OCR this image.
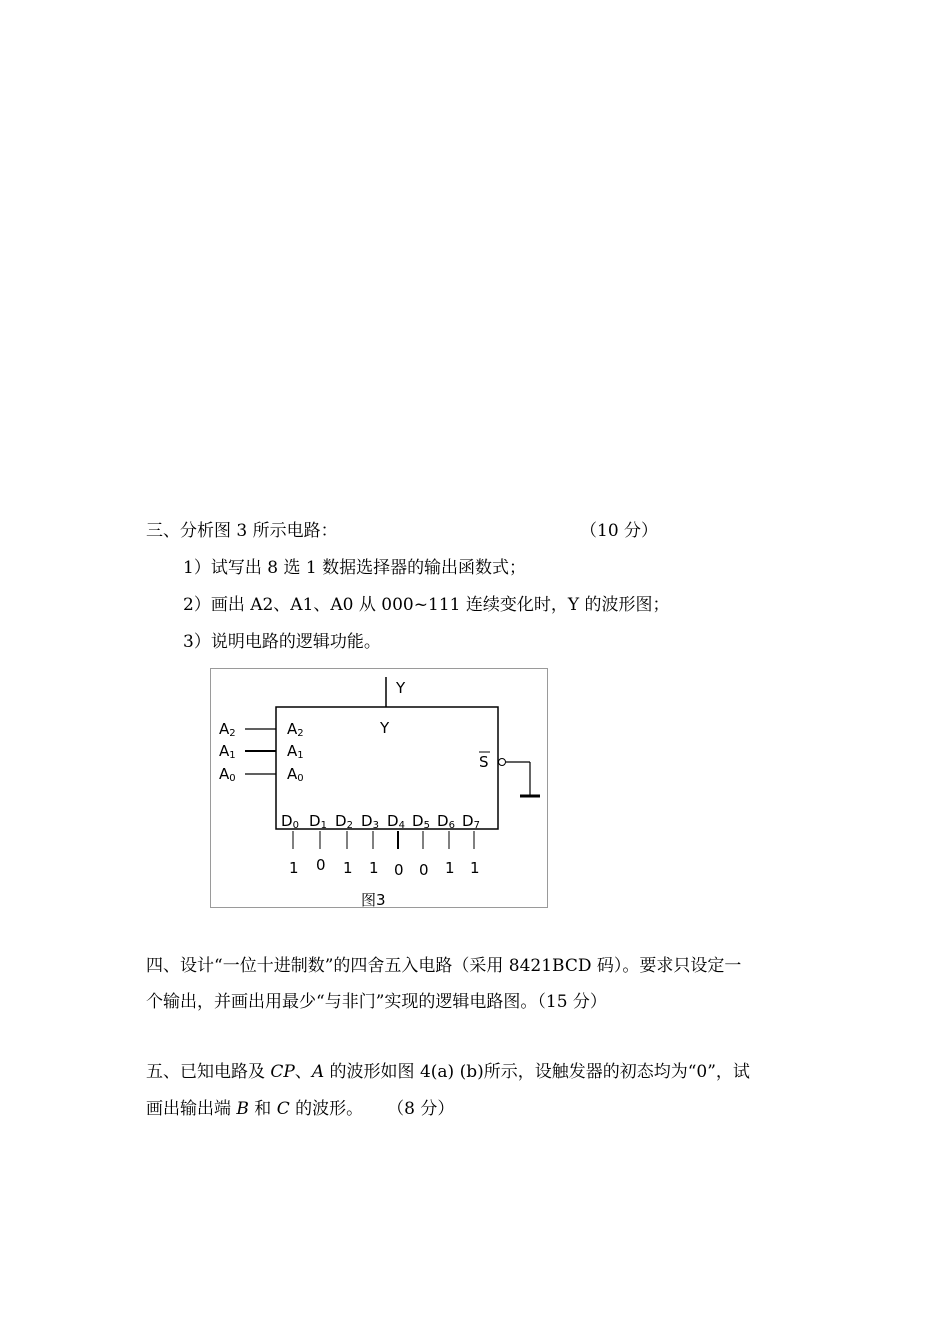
三、分析图 3 所示电路：	（10 分）
1）试写出 8 选 1 数据选择器的输出函数式；
2）画出 A2、A1、A0 从 000~111 连续变化时，Y 的波形图；
3）说明电路的逻辑功能。
Y
Y
A2
A1
A0
A2
A1
A0
S
D0 D1 D2 D3 D4 D5 D6 D7
1 0 1 1 0 0 1 1
图3
四、设计“一位十进制数”的四舍五入电路（采用 8421BCD 码）。要求只设定一
个输出，并画出用最少“与非门”实现的逻辑电路图。（15 分）
五、已知电路及 CP、A 的波形如图 4(a) (b)所示，设触发器的初态均为“0”，试
画出输出端 B 和 C 的波形。 （8 分）
